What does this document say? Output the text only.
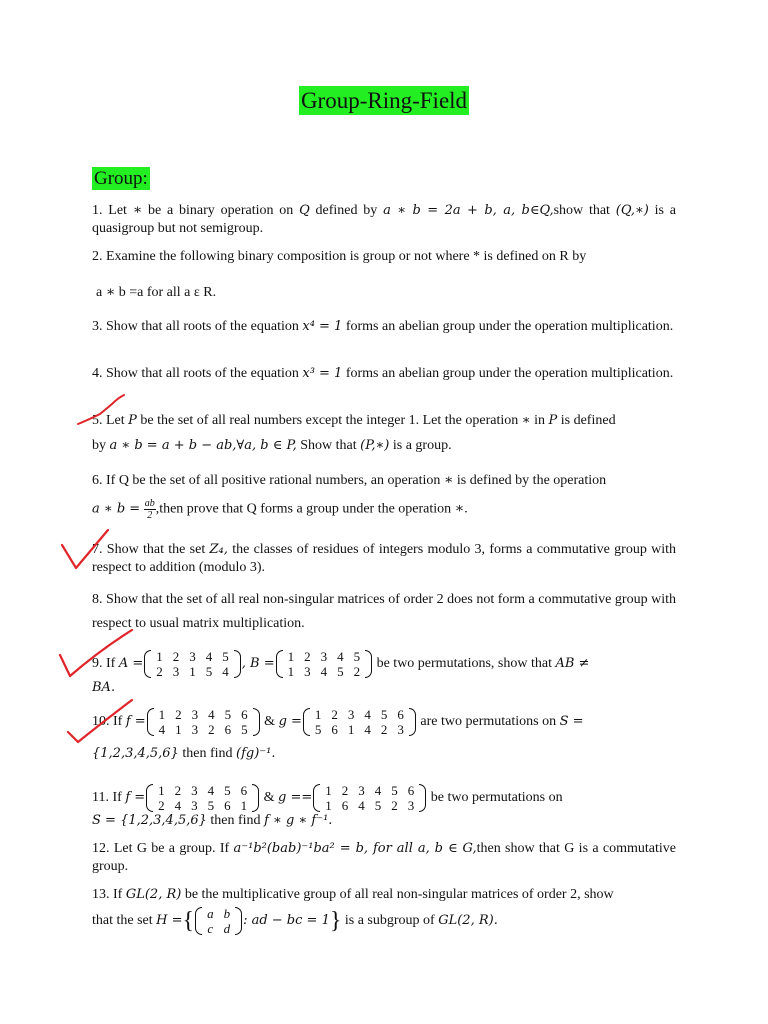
Group-Ring-Field
Group:
1. Let ∗ be a binary operation on Q defined by a ∗ b = 2a + b, a, b∈Q,show that (Q,∗) is a quasigroup but not semigroup.
2. Examine the following binary composition is group or not where * is defined on R by
a ∗ b =a for all a ε R.
3. Show that all roots of the equation x⁴ = 1 forms an abelian group under the operation multiplication.
4. Show that all roots of the equation x³ = 1 forms an abelian group under the operation multiplication.
5. Let P be the set of all real numbers except the integer 1. Let the operation ∗ in P is defined
by a ∗ b = a + b − ab,∀a, b ∈ P, Show that (P,∗) is a group.
6. If Q be the set of all positive rational numbers, an operation ∗ is defined by the operation
a ∗ $b = \frac{ab}{2}$ ,then prove that Q forms a group under the operation ∗.
7. Show that the set Z₄, the classes of residues of integers modulo 3, forms a commutative group with respect to addition (modulo 3).
8. Show that the set of all real non-singular matrices of order 2 does not form a commutative group with respect to usual matrix multiplication.
9. If A = 1	2	3	4	5
2	3	1	5	4
, B = 1	2	3	4	5
1	3	4	5	2
be two permutations, show that AB ≠
BA.
10. If f = 1	2	3	4	5	6
4	1	3	2	6	5
& g = 1	2	3	4	5	6
5	6	1	4	2	3
are two permutations on S =
{1,2,3,4,5,6} then find (fg)⁻¹.
11. If f = 1	2	3	4	5	6
2	4	3	5	6	1
& g == 1	2	3	4	5	6
1	6	4	5	2	3
be two permutations on
S = {1,2,3,4,5,6} then find f ∗ g ∗ f⁻¹.
12. Let G be a group. If a⁻¹b²(bab)⁻¹ba² = b, for all a, b ∈ G,then show that G is a commutative group.
13. If GL(2, R) be the multiplicative group of all real non-singular matrices of order 2, show
that the set H ={ a	b
c	d
: ad − bc = 1} is a subgroup of GL(2, R).
